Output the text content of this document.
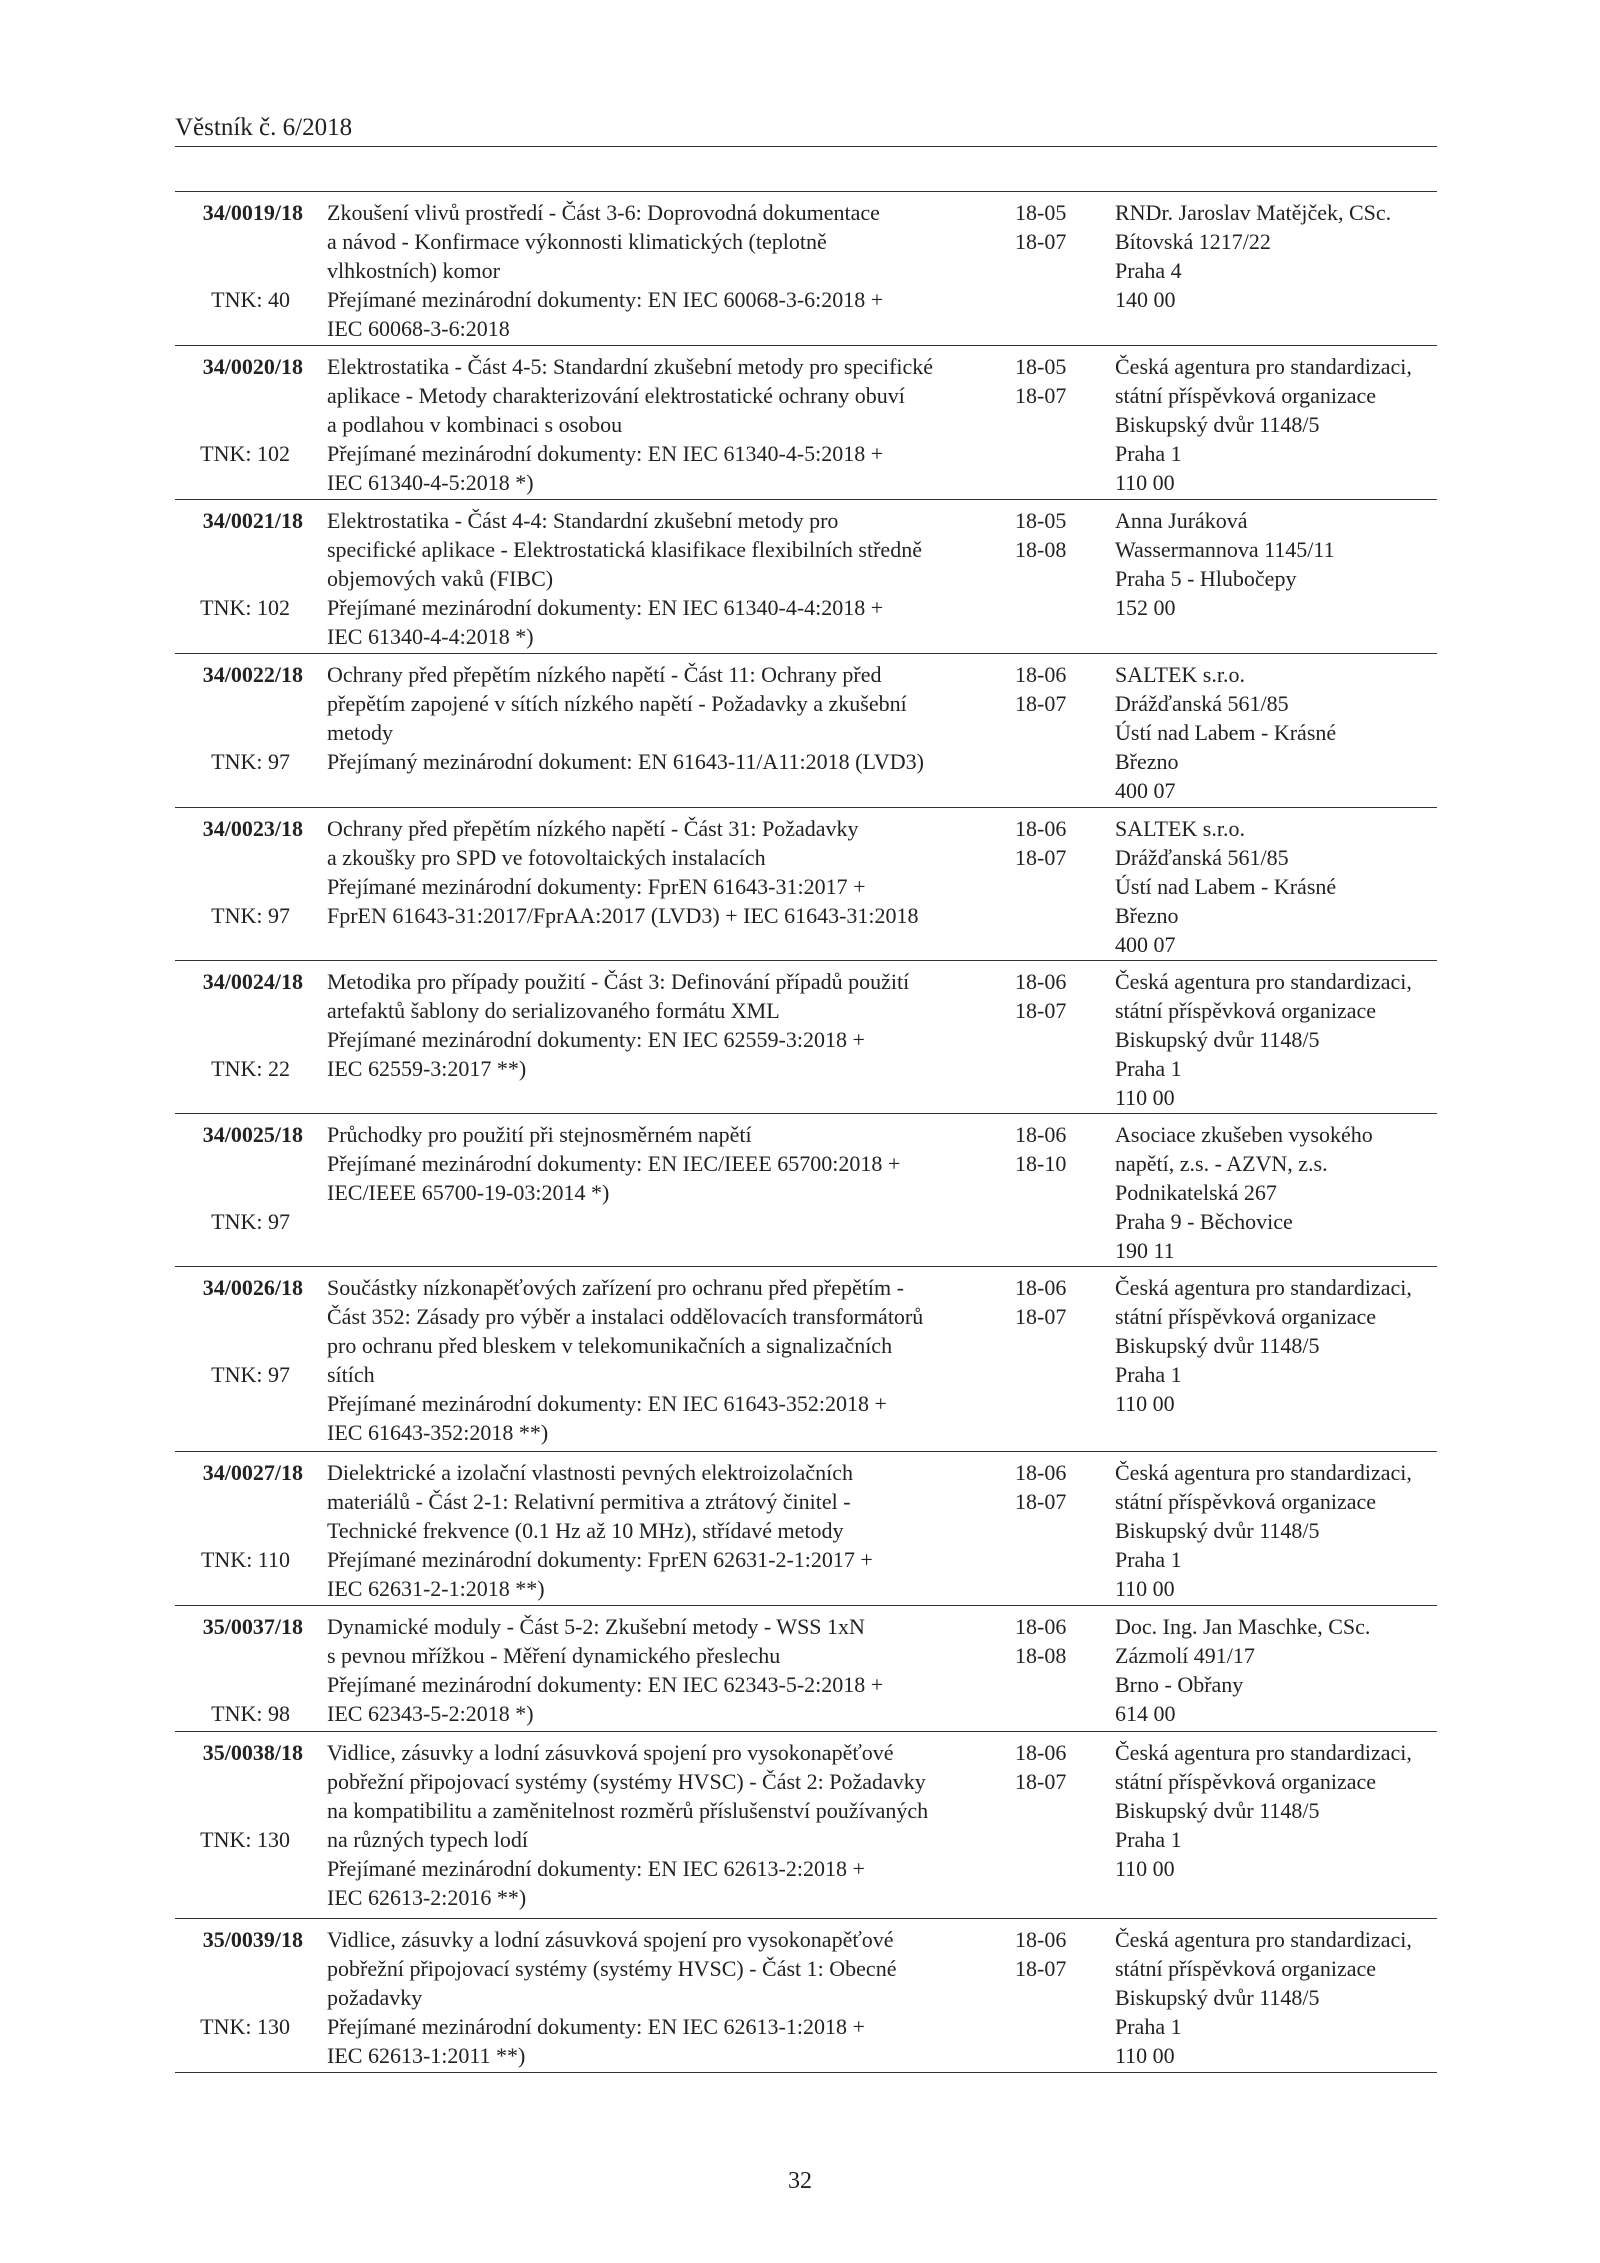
Věstník č. 6/2018
34/0019/18
TNK: 40
Zkoušení vlivů prostředí - Část 3-6: Doprovodná dokumentace
a návod - Konfirmace výkonnosti klimatických (teplotně
vlhkostních) komor
Přejímané mezinárodní dokumenty: EN IEC 60068-3-6:2018 +
IEC 60068-3-6:2018
18-05
18-07
RNDr. Jaroslav Matějček, CSc.
Bítovská 1217/22
Praha 4
140 00
34/0020/18
TNK: 102
Elektrostatika - Část 4-5: Standardní zkušební metody pro specifické
aplikace - Metody charakterizování elektrostatické ochrany obuví
a podlahou v kombinaci s osobou
Přejímané mezinárodní dokumenty: EN IEC 61340-4-5:2018 +
IEC 61340-4-5:2018 *)
18-05
18-07
Česká agentura pro standardizaci,
státní příspěvková organizace
Biskupský dvůr 1148/5
Praha 1
110 00
34/0021/18
TNK: 102
Elektrostatika - Část 4-4: Standardní zkušební metody pro
specifické aplikace - Elektrostatická klasifikace flexibilních středně
objemových vaků (FIBC)
Přejímané mezinárodní dokumenty: EN IEC 61340-4-4:2018 +
IEC 61340-4-4:2018 *)
18-05
18-08
Anna Juráková
Wassermannova 1145/11
Praha 5 - Hlubočepy
152 00
34/0022/18
TNK: 97
Ochrany před přepětím nízkého napětí - Část 11: Ochrany před
přepětím zapojené v sítích nízkého napětí - Požadavky a zkušební
metody
Přejímaný mezinárodní dokument: EN 61643-11/A11:2018 (LVD3)
18-06
18-07
SALTEK s.r.o.
Drážďanská 561/85
Ústí nad Labem - Krásné
Březno
400 07
34/0023/18
TNK: 97
Ochrany před přepětím nízkého napětí - Část 31: Požadavky
a zkoušky pro SPD ve fotovoltaických instalacích
Přejímané mezinárodní dokumenty: FprEN 61643-31:2017 +
FprEN 61643-31:2017/FprAA:2017 (LVD3) + IEC 61643-31:2018
18-06
18-07
SALTEK s.r.o.
Drážďanská 561/85
Ústí nad Labem - Krásné
Březno
400 07
34/0024/18
TNK: 22
Metodika pro případy použití - Část 3: Definování případů použití
artefaktů šablony do serializovaného formátu XML
Přejímané mezinárodní dokumenty: EN IEC 62559-3:2018 +
IEC 62559-3:2017 **)
18-06
18-07
Česká agentura pro standardizaci,
státní příspěvková organizace
Biskupský dvůr 1148/5
Praha 1
110 00
34/0025/18
TNK: 97
Průchodky pro použití při stejnosměrném napětí
Přejímané mezinárodní dokumenty: EN IEC/IEEE 65700:2018 +
IEC/IEEE 65700-19-03:2014 *)
18-06
18-10
Asociace zkušeben vysokého
napětí, z.s. - AZVN, z.s.
Podnikatelská 267
Praha 9 - Běchovice
190 11
34/0026/18
TNK: 97
Součástky nízkonapěťových zařízení pro ochranu před přepětím -
Část 352: Zásady pro výběr a instalaci oddělovacích transformátorů
pro ochranu před bleskem v telekomunikačních a signalizačních
sítích
Přejímané mezinárodní dokumenty: EN IEC 61643-352:2018 +
IEC 61643-352:2018 **)
18-06
18-07
Česká agentura pro standardizaci,
státní příspěvková organizace
Biskupský dvůr 1148/5
Praha 1
110 00
34/0027/18
TNK: 110
Dielektrické a izolační vlastnosti pevných elektroizolačních
materiálů - Část 2-1: Relativní permitiva a ztrátový činitel -
Technické frekvence (0.1 Hz až 10 MHz), střídavé metody
Přejímané mezinárodní dokumenty: FprEN 62631-2-1:2017 +
IEC 62631-2-1:2018 **)
18-06
18-07
Česká agentura pro standardizaci,
státní příspěvková organizace
Biskupský dvůr 1148/5
Praha 1
110 00
35/0037/18
TNK: 98
Dynamické moduly - Část 5-2: Zkušební metody - WSS 1xN
s pevnou mřížkou - Měření dynamického přeslechu
Přejímané mezinárodní dokumenty: EN IEC 62343-5-2:2018 +
IEC 62343-5-2:2018 *)
18-06
18-08
Doc. Ing. Jan Maschke, CSc.
Zázmolí 491/17
Brno - Obřany
614 00
35/0038/18
TNK: 130
Vidlice, zásuvky a lodní zásuvková spojení pro vysokonapěťové
pobřežní připojovací systémy (systémy HVSC) - Část 2: Požadavky
na kompatibilitu a zaměnitelnost rozměrů příslušenství používaných
na různých typech lodí
Přejímané mezinárodní dokumenty: EN IEC 62613-2:2018 +
IEC 62613-2:2016 **)
18-06
18-07
Česká agentura pro standardizaci,
státní příspěvková organizace
Biskupský dvůr 1148/5
Praha 1
110 00
35/0039/18
TNK: 130
Vidlice, zásuvky a lodní zásuvková spojení pro vysokonapěťové
pobřežní připojovací systémy (systémy HVSC) - Část 1: Obecné
požadavky
Přejímané mezinárodní dokumenty: EN IEC 62613-1:2018 +
IEC 62613-1:2011 **)
18-06
18-07
Česká agentura pro standardizaci,
státní příspěvková organizace
Biskupský dvůr 1148/5
Praha 1
110 00
32
